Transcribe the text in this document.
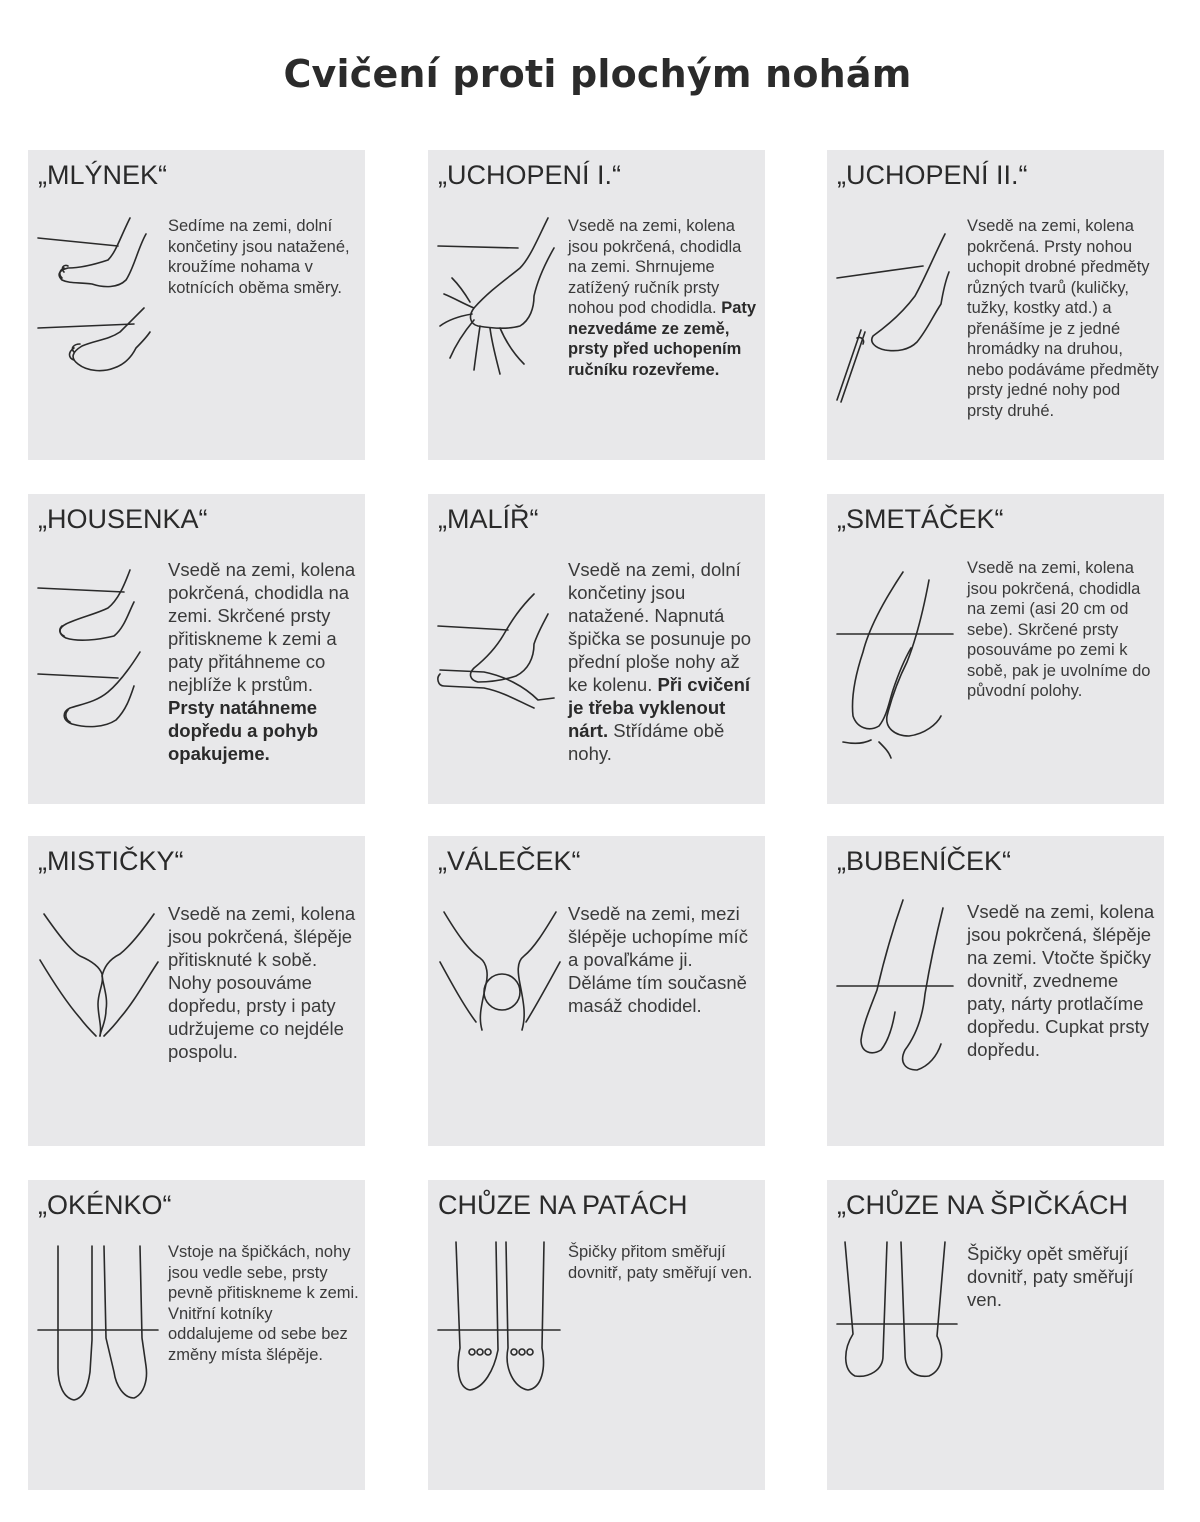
Cvičení proti plochým nohám
„MLÝNEK“
Sedíme na zemi, dolní končetiny jsou natažené, kroužíme nohama v kotnících oběma směry.
„UCHOPENÍ I.“
Vsedě na zemi, kolena jsou pokrčená, chodidla na zemi. Shrnujeme zatížený ručník prsty nohou pod chodidla. Paty nezvedáme ze země, prsty před uchopením ručníku rozevřeme.
„UCHOPENÍ II.“
Vsedě na zemi, kolena pokrčená. Prsty nohou uchopit drobné předměty různých tvarů (kuličky, tužky, kostky atd.) a přenášíme je z jedné hromádky na druhou, nebo podáváme předměty prsty jedné nohy pod prsty druhé.
„HOUSENKA“
Vsedě na zemi, kolena pokrčená, chodidla na zemi. Skrčené prsty přitiskneme k zemi a paty přitáhneme co nejblíže k prstům. Prsty natáhneme dopředu a pohyb opakujeme.
„MALÍŘ“
Vsedě na zemi, dolní končetiny jsou natažené. Napnutá špička se posunuje po přední ploše nohy až ke kolenu. Při cvičení je třeba vyklenout nárt. Střídáme obě nohy.
„SMETÁČEK“
Vsedě na zemi, kolena jsou pokrčená, chodidla na zemi (asi 20 cm od sebe). Skrčené prsty posouváme po zemi k sobě, pak je uvolníme do původní polohy.
„MISTIČKY“
Vsedě na zemi, kolena jsou pokrčená, šlépěje přitisknuté k sobě. Nohy posouváme dopředu, prsty i paty udržujeme co nejdéle pospolu.
„VÁLEČEK“
Vsedě na zemi, mezi šlépěje uchopíme míč a povaľkáme ji. Děláme tím současně masáž chodidel.
„BUBENÍČEK“
Vsedě na zemi, kolena jsou pokrčená, šlépěje na zemi. Vtočte špičky dovnitř, zvedneme paty, nárty protlačíme dopředu. Cupkat prsty dopředu.
„OKÉNKO“
Vstoje na špičkách, nohy jsou vedle sebe, prsty pevně přitiskneme k zemi. Vnitřní kotníky oddalujeme od sebe bez změny místa šlépěje.
CHŮZE NA PATÁCH
Špičky přitom směřují dovnitř, paty směřují ven.
„CHŮZE NA ŠPIČKÁCH
Špičky opět směřují dovnitř, paty směřují ven.
